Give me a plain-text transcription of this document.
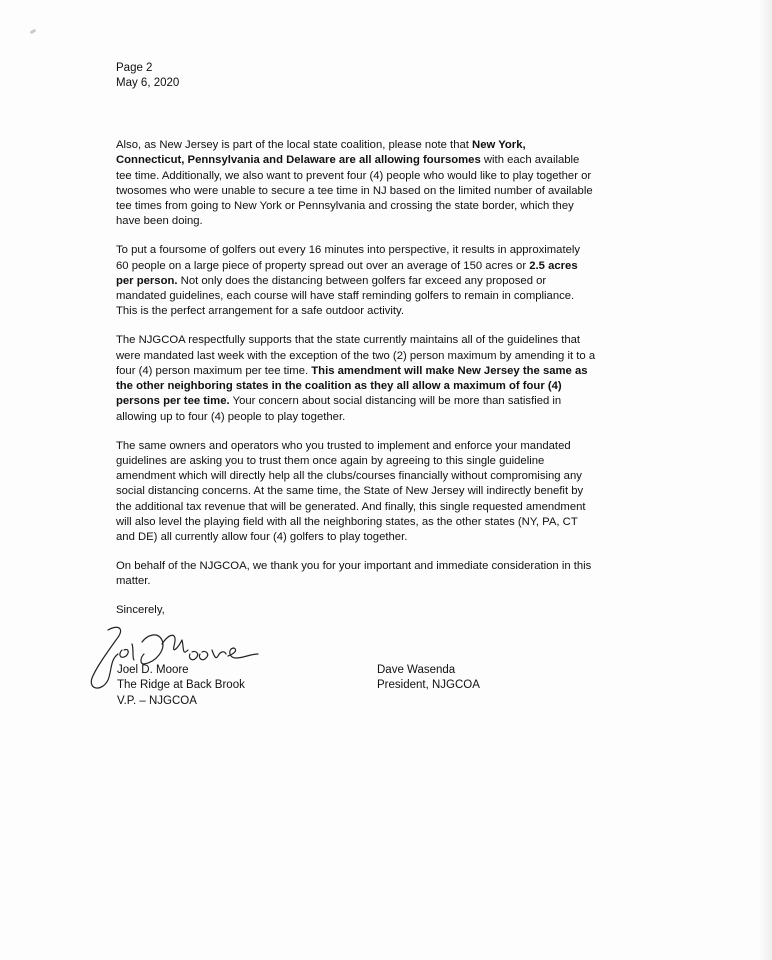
Page 2
May 6, 2020
Also, as New Jersey is part of the local state coalition, please note that New York,
Connecticut, Pennsylvania and Delaware are all allowing foursomes with each available
tee time. Additionally, we also want to prevent four (4) people who would like to play together or
twosomes who were unable to secure a tee time in NJ based on the limited number of available
tee times from going to New York or Pennsylvania and crossing the state border, which they
have been doing.
To put a foursome of golfers out every 16 minutes into perspective, it results in approximately
60 people on a large piece of property spread out over an average of 150 acres or 2.5 acres
per person. Not only does the distancing between golfers far exceed any proposed or
mandated guidelines, each course will have staff reminding golfers to remain in compliance.
This is the perfect arrangement for a safe outdoor activity.
The NJGCOA respectfully supports that the state currently maintains all of the guidelines that
were mandated last week with the exception of the two (2) person maximum by amending it to a
four (4) person maximum per tee time. This amendment will make New Jersey the same as
the other neighboring states in the coalition as they all allow a maximum of four (4)
persons per tee time. Your concern about social distancing will be more than satisfied in
allowing up to four (4) people to play together.
The same owners and operators who you trusted to implement and enforce your mandated
guidelines are asking you to trust them once again by agreeing to this single guideline
amendment which will directly help all the clubs/courses financially without compromising any
social distancing concerns. At the same time, the State of New Jersey will indirectly benefit by
the additional tax revenue that will be generated. And finally, this single requested amendment
will also level the playing field with all the neighboring states, as the other states (NY, PA, CT
and DE) all currently allow four (4) golfers to play together.
On behalf of the NJGCOA, we thank you for your important and immediate consideration in this
matter.
Sincerely,
Joel D. Moore
The Ridge at Back Brook
V.P. – NJGCOA
Dave Wasenda
President, NJGCOA
